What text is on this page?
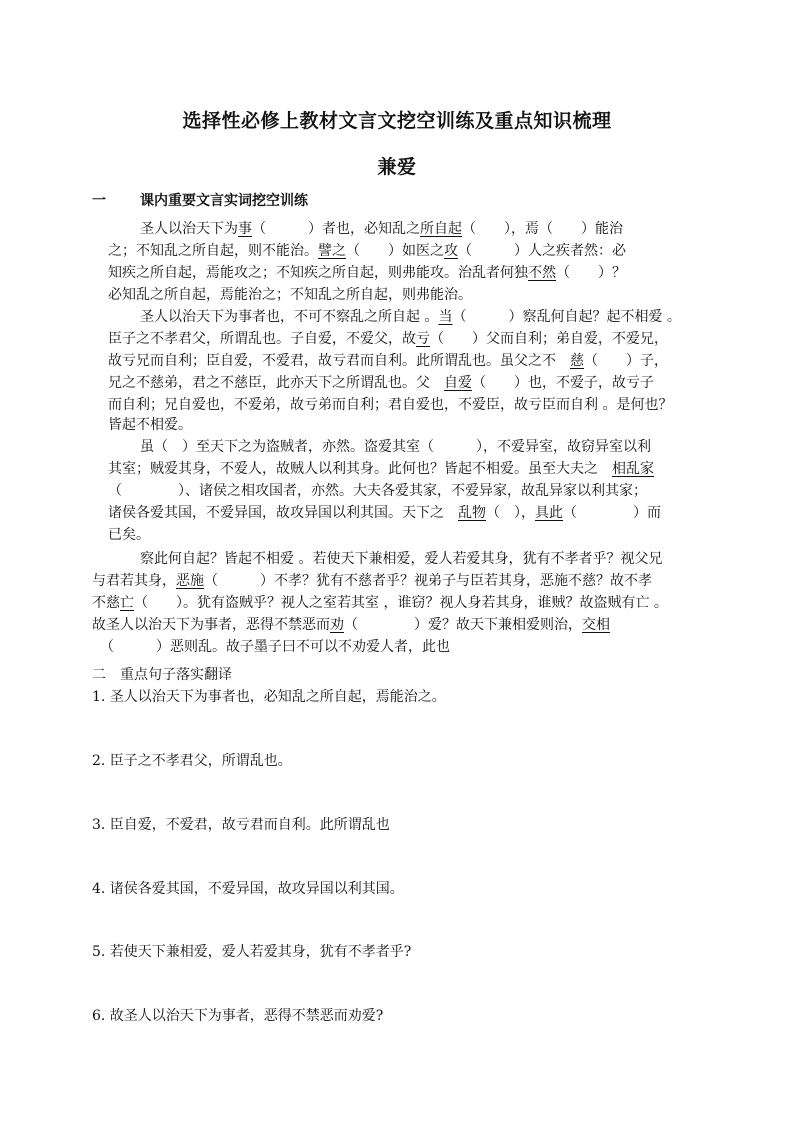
选择性必修上教材文言文挖空训练及重点知识梳理
兼爱
一 课内重要文言实词挖空训练
圣人以治天下为事（　　　）者也，必知乱之所自起（　　），焉（　　）能治
之；不知乱之所自起，则不能治。譬之（　　）如医之攻（　　　）人之疾者然：必
知疾之所自起，焉能攻之；不知疾之所自起，则弗能攻。治乱者何独不然（　　）？
必知乱之所自起，焉能治之；不知乱之所自起，则弗能治。
圣人以治天下为事者也，不可不察乱之所自起 。当（　　　）察乱何自起？起不相爱 。
臣子之不孝君父，所谓乱也。子自爱，不爱父，故亏（　　）父而自利；弟自爱，不爱兄，
故亏兄而自利；臣自爱，不爱君，故亏君而自利。此所谓乱也。虽父之不　慈（　　）子，
兄之不慈弟，君之不慈臣，此亦天下之所谓乱也。父　自爱（　　）也，不爱子，故亏子
而自利；兄自爱也，不爱弟，故亏弟而自利；君自爱也，不爱臣，故亏臣而自利 。是何也？
皆起不相爱。
虽（　）至天下之为盗贼者，亦然。盗爱其室（　　　），不爱异室，故窃异室以利
其室；贼爱其身，不爱人，故贼人以利其身。此何也？皆起不相爱。虽至大夫之　相乱家
（　　　　）、诸侯之相攻国者，亦然。大夫各爱其家，不爱异家，故乱异家以利其家；
诸侯各爱其国，不爱异国，故攻异国以利其国。天下之　乱物（　），具此（　　　　）而
已矣。
察此何自起？皆起不相爱 。若使天下兼相爱，爱人若爱其身，犹有不孝者乎？视父兄
与君若其身，恶施（　　　）不孝？犹有不慈者乎？视弟子与臣若其身，恶施不慈？故不孝
不慈亡（　　）。犹有盗贼乎？视人之室若其室 ，谁窃？视人身若其身，谁贼？故盗贼有亡 。
故圣人以治天下为事者，恶得不禁恶而劝（　　　　）爱？故天下兼相爱则治，交相
（　　　）恶则乱。故子墨子曰不可以不劝爱人者，此也
二　重点句子落实翻译
1. 圣人以治天下为事者也，必知乱之所自起，焉能治之。
2. 臣子之不孝君父，所谓乱也。
3. 臣自爱，不爱君，故亏君而自利。此所谓乱也
4. 诸侯各爱其国，不爱异国，故攻异国以利其国。
5. 若使天下兼相爱，爱人若爱其身，犹有不孝者乎?
6. 故圣人以治天下为事者，恶得不禁恶而劝爱?
